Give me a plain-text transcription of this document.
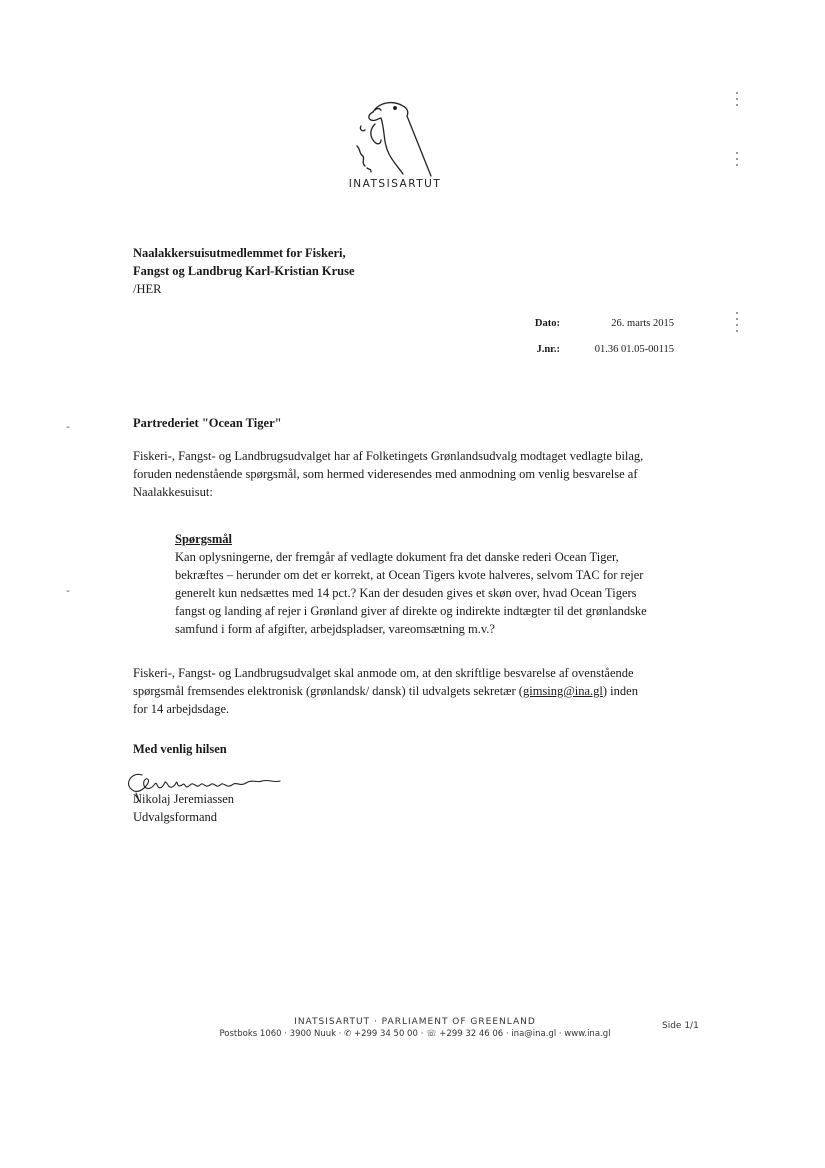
INATSISARTUT
Naalakkersuisutmedlemmet for Fiskeri,
Fangst og Landbrug Karl-Kristian Kruse
/HER
Dato:	26. marts 2015
J.nr.:	01.36 01.05-00115
Partrederiet "Ocean Tiger"
Fiskeri-, Fangst- og Landbrugsudvalget har af Folketingets Grønlandsudvalg modtaget vedlagte bilag, foruden nedenstående spørgsmål, som hermed videresendes med anmodning om venlig besvarelse af Naalakkesuisut:
Spørgsmål
Kan oplysningerne, der fremgår af vedlagte dokument fra det danske rederi Ocean Tiger, bekræftes – herunder om det er korrekt, at Ocean Tigers kvote halveres, selvom TAC for rejer generelt kun nedsættes med 14 pct.? Kan der desuden gives et skøn over, hvad Ocean Tigers fangst og landing af rejer i Grønland giver af direkte og indirekte indtægter til det grønlandske samfund i form af afgifter, arbejdspladser, vareomsætning m.v.?
Fiskeri-, Fangst- og Landbrugsudvalget skal anmode om, at den skriftlige besvarelse af ovenstående spørgsmål fremsendes elektronisk (grønlandsk/ dansk) til udvalgets sekretær (gimsing@ina.gl) inden for 14 arbejdsdage.
Med venlig hilsen
Nikolaj Jeremiassen
Udvalgsformand
INATSISARTUT · PARLIAMENT OF GREENLAND
Postboks 1060 · 3900 Nuuk · ✆ +299 34 50 00 · ☏ +299 32 46 06 · ina@ina.gl · www.ina.gl
Side 1/1
-
-
